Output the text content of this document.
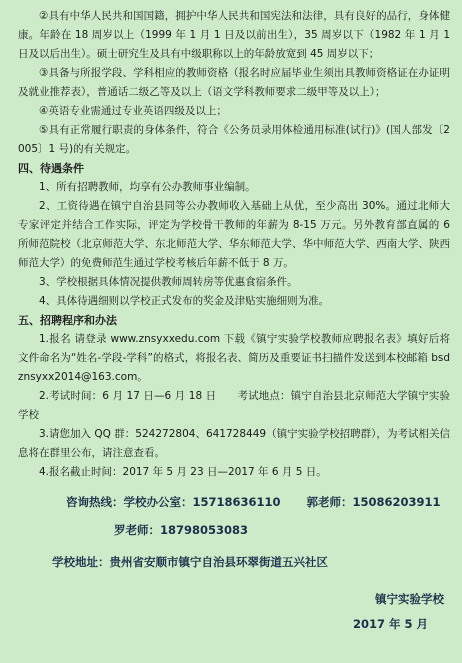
②具有中华人民共和国国籍，拥护中华人民共和国宪法和法律，具有良好的品行，身体健康。年龄在 18 周岁以上（1999 年 1 月 1 日及以前出生），35 周岁以下（1982 年 1 月 1 日及以后出生）。硕士研究生及具有中级职称以上的年龄放宽到 45 周岁以下；

③具备与所报学段、学科相应的教师资格（报名时应届毕业生须出具教师资格证在办证明及就业推荐表），普通话二级乙等及以上（语文学科教师要求二级甲等及以上）；

④英语专业需通过专业英语四级及以上；

⑤具有正常履行职责的身体条件，符合《公务员录用体检通用标准(试行)》(国人部发〔2005〕1 号)的有关规定。

四、待遇条件

1、所有招聘教师，均享有公办教师事业编制。

2、工资待遇在镇宁自治县同等公办教师收入基础上从优，至少高出 30%。通过北师大专家评定并结合工作实际，评定为学校骨干教师的年薪为 8-15 万元。另外教育部直属的 6 所师范院校（北京师范大学、东北师范大学、华东师范大学、华中师范大学、西南大学、陕西师范大学）的免费师范生通过学校考核后年薪不低于 8 万。

3、学校根据具体情况提供教师周转房等优惠食宿条件。

4、具体待遇细则以学校正式发布的奖金及津贴实施细则为准。

五、招聘程序和办法

1.报名 请登录 www.znsyxxedu.com 下载《镇宁实验学校教师应聘报名表》填好后将文件命名为“姓名-学段-学科”的格式，将报名表、简历及重要证书扫描件发送到本校邮箱 bsdznsyxx2014@163.com。

2.考试时间：6 月 17 日—6 月 18 日　　考试地点：镇宁自治县北京师范大学镇宁实验学校

3.请您加入 QQ 群：524272804、641728449（镇宁实验学校招聘群），为考试相关信息将在群里公布，请注意查看。

4.报名截止时间：2017 年 5 月 23 日—2017 年 6 月 5 日。

咨询热线：学校办公室：15718636110 郭老师：15086203911

罗老师：18798053083

学校地址：贵州省安顺市镇宁自治县环翠街道五兴社区

镇宁实验学校

2017 年 5 月
